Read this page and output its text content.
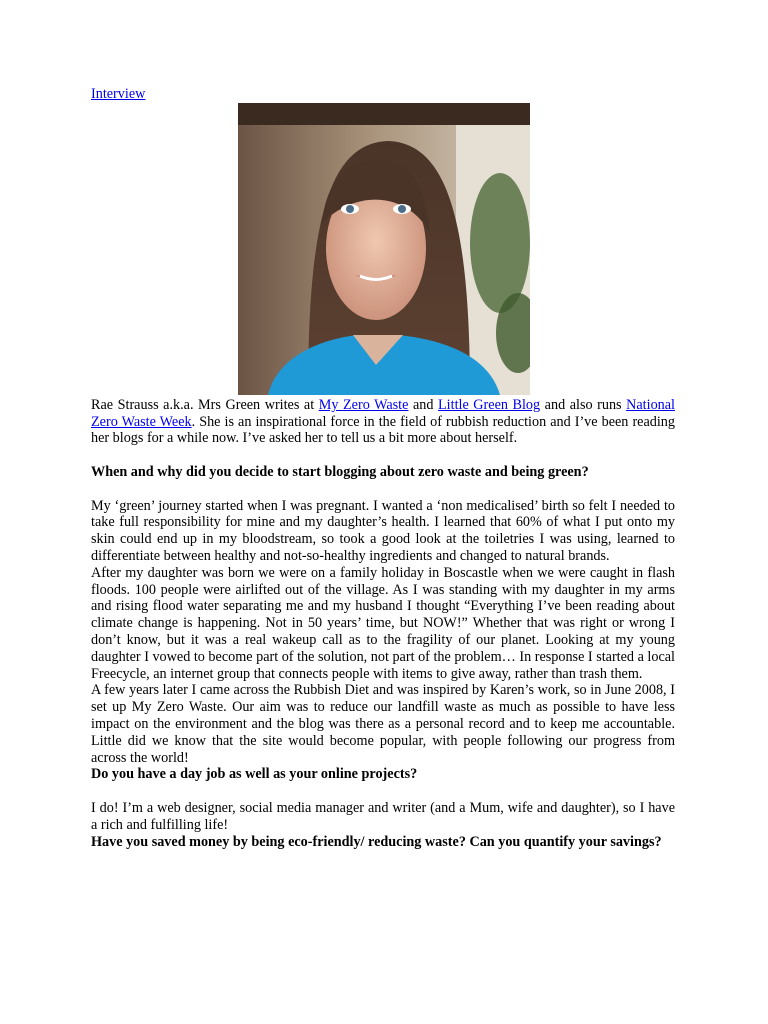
Interview

Rae Strauss a.k.a. Mrs Green writes at My Zero Waste and Little Green Blog and also runs National Zero Waste Week. She is an inspirational force in the field of rubbish reduction and I’ve been reading her blogs for a while now. I’ve asked her to tell us a bit more about herself.

When and why did you decide to start blogging about zero waste and being green?

My ‘green’ journey started when I was pregnant. I wanted a ‘non medicalised’ birth so felt I needed to take full responsibility for mine and my daughter’s health. I learned that 60% of what I put onto my skin could end up in my bloodstream, so took a good look at the toiletries I was using, learned to differentiate between healthy and not-so-healthy ingredients and changed to natural brands.

After my daughter was born we were on a family holiday in Boscastle when we were caught in flash floods. 100 people were airlifted out of the village. As I was standing with my daughter in my arms and rising flood water separating me and my husband I thought “Everything I’ve been reading about climate change is happening. Not in 50 years’ time, but NOW!” Whether that was right or wrong I don’t know, but it was a real wakeup call as to the fragility of our planet. Looking at my young daughter I vowed to become part of the solution, not part of the problem… In response I started a local Freecycle, an internet group that connects people with items to give away, rather than trash them.

A few years later I came across the Rubbish Diet and was inspired by Karen’s work, so in June 2008, I set up My Zero Waste. Our aim was to reduce our landfill waste as much as possible to have less impact on the environment and the blog was there as a personal record and to keep me accountable. Little did we know that the site would become popular, with people following our progress from across the world!

Do you have a day job as well as your online projects?

I do! I’m a web designer, social media manager and writer (and a Mum, wife and daughter), so I have a rich and fulfilling life!

Have you saved money by being eco-friendly/ reducing waste? Can you quantify your savings?
